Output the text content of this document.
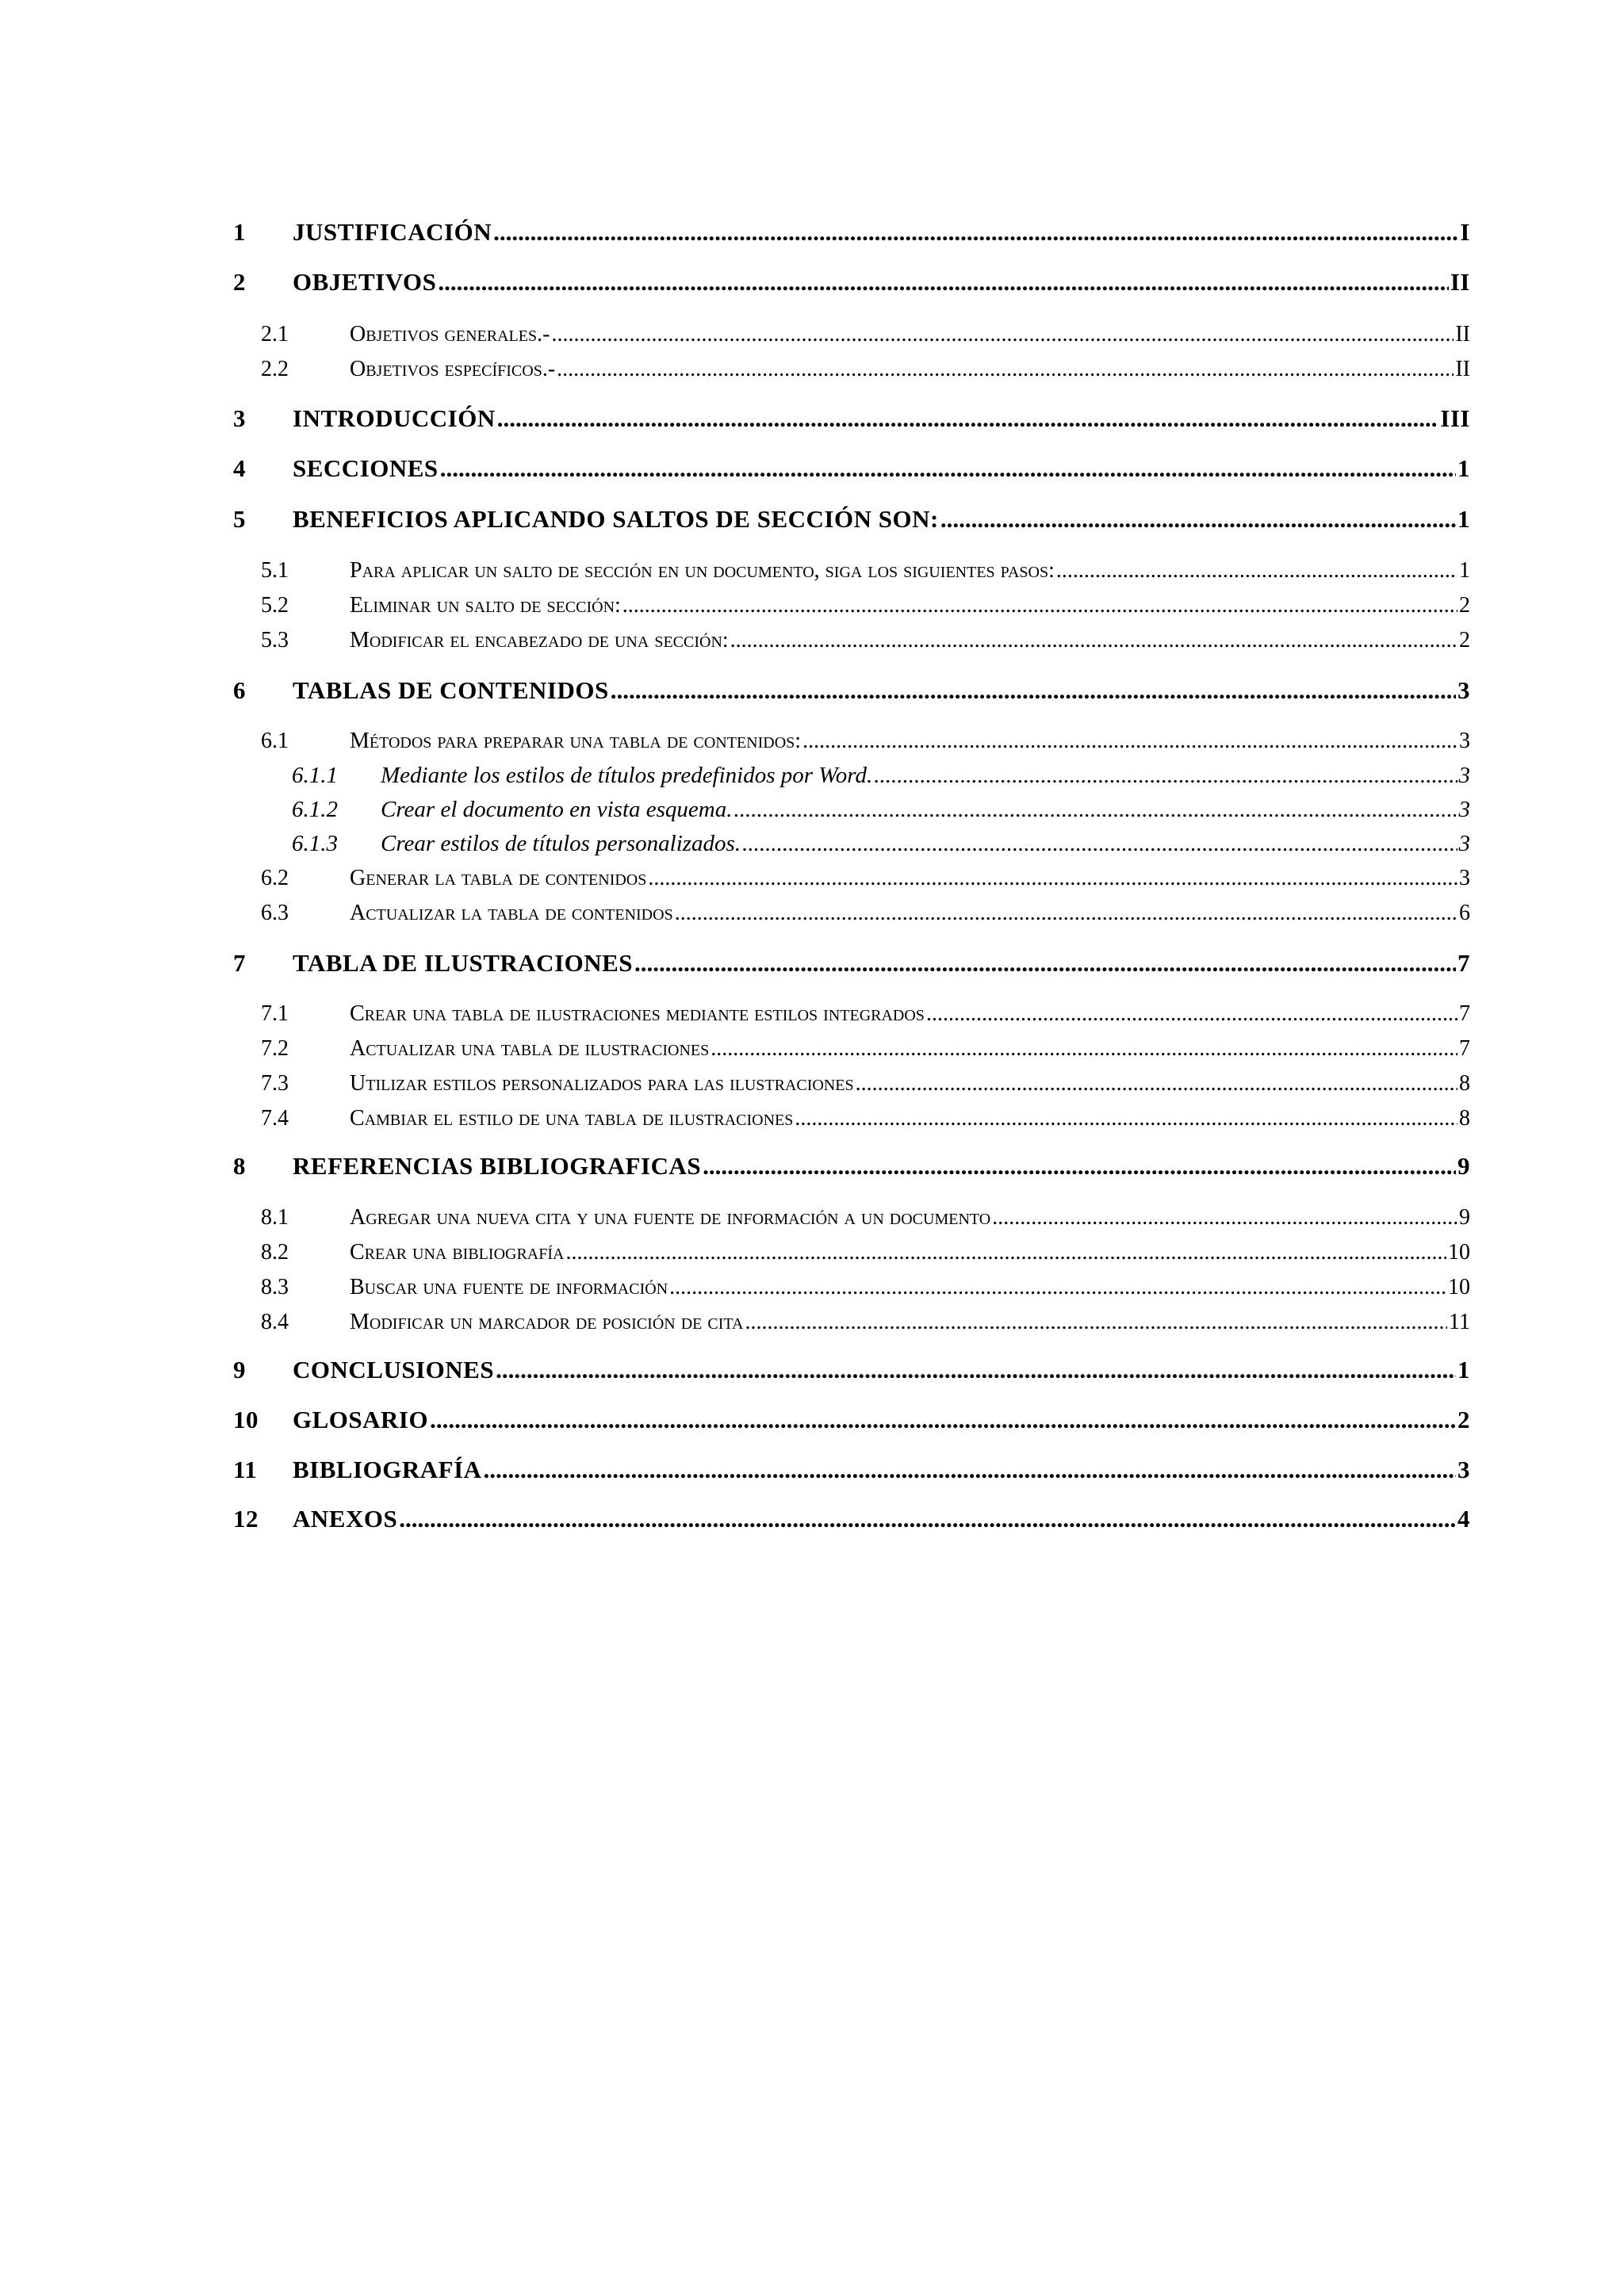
1	JUSTIFICACIÓN .....	I
2	OBJETIVOS .....	II
2.1	Objetivos generales.- .....	II
2.2	Objetivos específicos.- .....	II
3	INTRODUCCIÓN .....	III
4	SECCIONES .....	1
5	BENEFICIOS APLICANDO SALTOS DE SECCIÓN SON: .....	1
5.1	Para aplicar un salto de sección en un documento, siga los siguientes pasos: .....	1
5.2	Eliminar un salto de sección: .....	2
5.3	Modificar el encabezado de una sección: .....	2
6	TABLAS DE CONTENIDOS .....	3
6.1	Métodos para preparar una tabla de contenidos: .....	3
6.1.1	Mediante los estilos de títulos predefinidos por Word. .....	3
6.1.2	Crear el documento en vista esquema. .....	3
6.1.3	Crear estilos de títulos personalizados. .....	3
6.2	Generar la tabla de contenidos .....	3
6.3	Actualizar la tabla de contenidos .....	6
7	TABLA DE ILUSTRACIONES .....	7
7.1	Crear una tabla de ilustraciones mediante estilos integrados .....	7
7.2	Actualizar una tabla de ilustraciones .....	7
7.3	Utilizar estilos personalizados para las ilustraciones .....	8
7.4	Cambiar el estilo de una tabla de ilustraciones .....	8
8	REFERENCIAS BIBLIOGRAFICAS .....	9
8.1	Agregar una nueva cita y una fuente de información a un documento .....	9
8.2	Crear una bibliografía .....	10
8.3	Buscar una fuente de información .....	10
8.4	Modificar un marcador de posición de cita .....	11
9	CONCLUSIONES .....	1
10	GLOSARIO .....	2
11	BIBLIOGRAFÍA .....	3
12	ANEXOS .....	4
